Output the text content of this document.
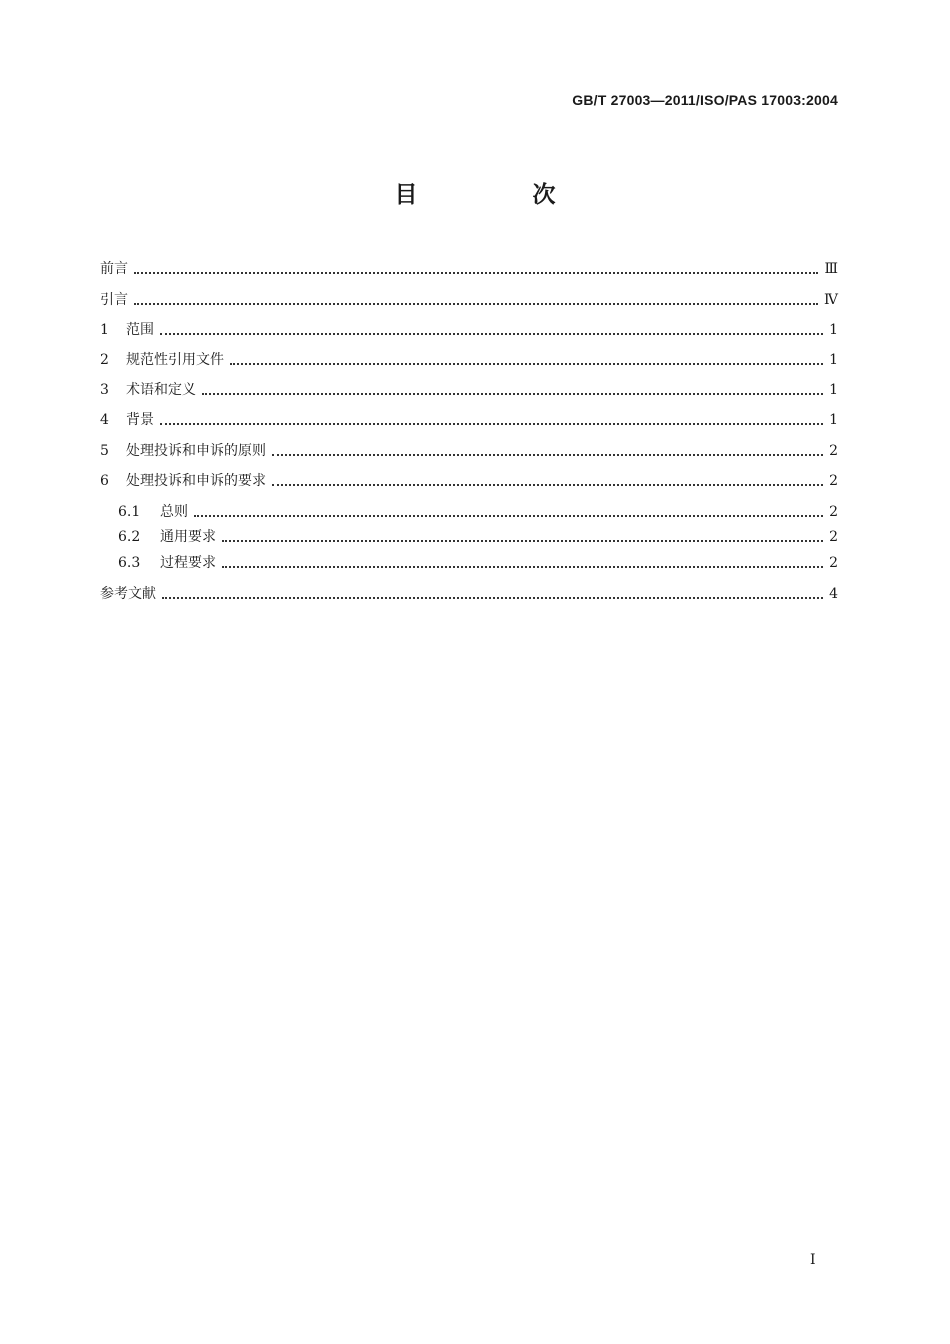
GB/T 27003—2011/ISO/PAS 17003:2004
目　次
前言	Ⅲ
引言	Ⅳ
1	范围	1
2	规范性引用文件	1
3	术语和定义	1
4	背景	1
5	处理投诉和申诉的原则	2
6	处理投诉和申诉的要求	2
6.1	总则	2
6.2	通用要求	2
6.3	过程要求	2
参考文献	4
I
